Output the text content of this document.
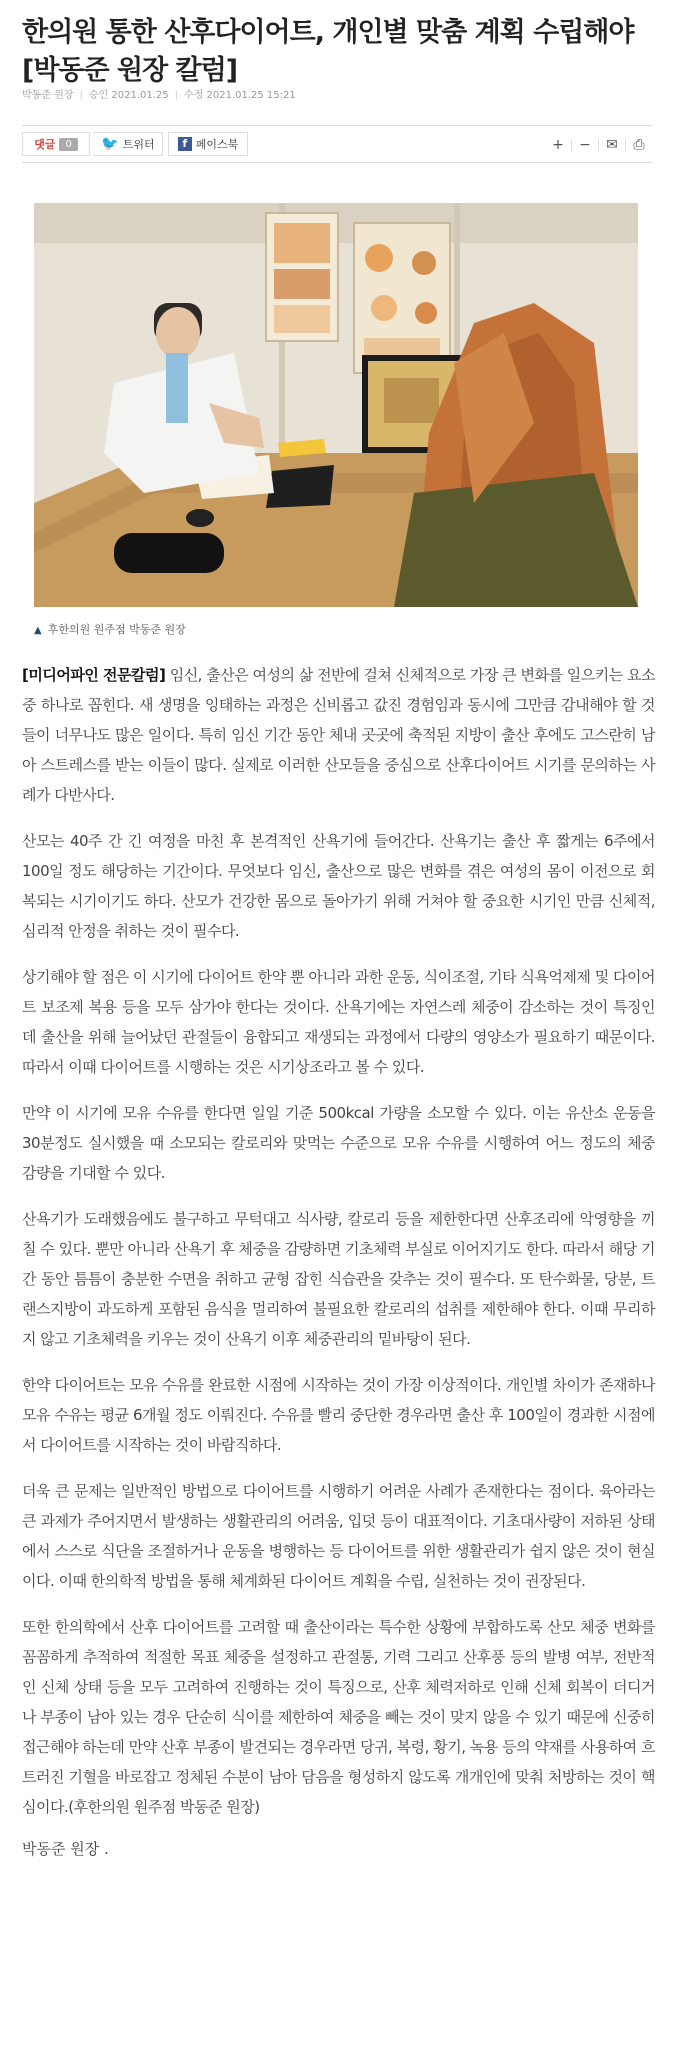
한의원 통한 산후다이어트, 개인별 맞춤 계획 수립해야 [박동준 원장 칼럼]
박동준 원장 | 승인 2021.01.25 | 수정 2021.01.25 15:21
댓글	0	🐦 트위터	f 페이스북	+	−	✉	⎙
▲ 후한의원 원주점 박동준 원장

[미디어파인 전문칼럼] 임신, 출산은 여성의 삶 전반에 걸쳐 신체적으로 가장 큰 변화를 일으키는 요소 중 하나로 꼽힌다. 새 생명을 잉태하는 과정은 신비롭고 값진 경험임과 동시에 그만큼 감내해야 할 것들이 너무나도 많은 일이다. 특히 임신 기간 동안 체내 곳곳에 축적된 지방이 출산 후에도 고스란히 남아 스트레스를 받는 이들이 많다. 실제로 이러한 산모들을 중심으로 산후다이어트 시기를 문의하는 사례가 다반사다.

산모는 40주 간 긴 여정을 마친 후 본격적인 산욕기에 들어간다. 산욕기는 출산 후 짧게는 6주에서 100일 정도 해당하는 기간이다. 무엇보다 임신, 출산으로 많은 변화를 겪은 여성의 몸이 이전으로 회복되는 시기이기도 하다. 산모가 건강한 몸으로 돌아가기 위해 거쳐야 할 중요한 시기인 만큼 신체적, 심리적 안정을 취하는 것이 필수다.

상기해야 할 점은 이 시기에 다이어트 한약 뿐 아니라 과한 운동, 식이조절, 기타 식욕억제제 및 다이어트 보조제 복용 등을 모두 삼가야 한다는 것이다. 산욕기에는 자연스레 체중이 감소하는 것이 특징인데 출산을 위해 늘어났던 관절들이 융합되고 재생되는 과정에서 다량의 영양소가 필요하기 때문이다. 따라서 이때 다이어트를 시행하는 것은 시기상조라고 볼 수 있다.

만약 이 시기에 모유 수유를 한다면 일일 기준 500kcal 가량을 소모할 수 있다. 이는 유산소 운동을 30분정도 실시했을 때 소모되는 칼로리와 맞먹는 수준으로 모유 수유를 시행하여 어느 정도의 체중 감량을 기대할 수 있다.

산욕기가 도래했음에도 불구하고 무턱대고 식사량, 칼로리 등을 제한한다면 산후조리에 악영향을 끼칠 수 있다. 뿐만 아니라 산욕기 후 체중을 감량하면 기초체력 부실로 이어지기도 한다. 따라서 해당 기간 동안 틈틈이 충분한 수면을 취하고 균형 잡힌 식습관을 갖추는 것이 필수다. 또 탄수화물, 당분, 트랜스지방이 과도하게 포함된 음식을 멀리하여 불필요한 칼로리의 섭취를 제한해야 한다. 이때 무리하지 않고 기초체력을 키우는 것이 산욕기 이후 체중관리의 밑바탕이 된다.

한약 다이어트는 모유 수유를 완료한 시점에 시작하는 것이 가장 이상적이다. 개인별 차이가 존재하나 모유 수유는 평균 6개월 정도 이뤄진다. 수유를 빨리 중단한 경우라면 출산 후 100일이 경과한 시점에서 다이어트를 시작하는 것이 바람직하다.

더욱 큰 문제는 일반적인 방법으로 다이어트를 시행하기 어려운 사례가 존재한다는 점이다. 육아라는 큰 과제가 주어지면서 발생하는 생활관리의 어려움, 입덧 등이 대표적이다. 기초대사량이 저하된 상태에서 스스로 식단을 조절하거나 운동을 병행하는 등 다이어트를 위한 생활관리가 쉽지 않은 것이 현실이다. 이때 한의학적 방법을 통해 체계화된 다이어트 계획을 수립, 실천하는 것이 권장된다.

또한 한의학에서 산후 다이어트를 고려할 때 출산이라는 특수한 상황에 부합하도록 산모 체중 변화를 꼼꼼하게 추적하여 적절한 목표 체중을 설정하고 관절통, 기력 그리고 산후풍 등의 발병 여부, 전반적인 신체 상태 등을 모두 고려하여 진행하는 것이 특징으로, 산후 체력저하로 인해 신체 회복이 더디거나 부종이 남아 있는 경우 단순히 식이를 제한하여 체중을 빼는 것이 맞지 않을 수 있기 때문에 신중히 접근해야 하는데 만약 산후 부종이 발견되는 경우라면 당귀, 복령, 황기, 녹용 등의 약재를 사용하여 흐트러진 기혈을 바로잡고 정체된 수분이 남아 담음을 형성하지 않도록 개개인에 맞춰 처방하는 것이 핵심이다.(후한의원 원주점 박동준 원장)

박동준 원장 .
